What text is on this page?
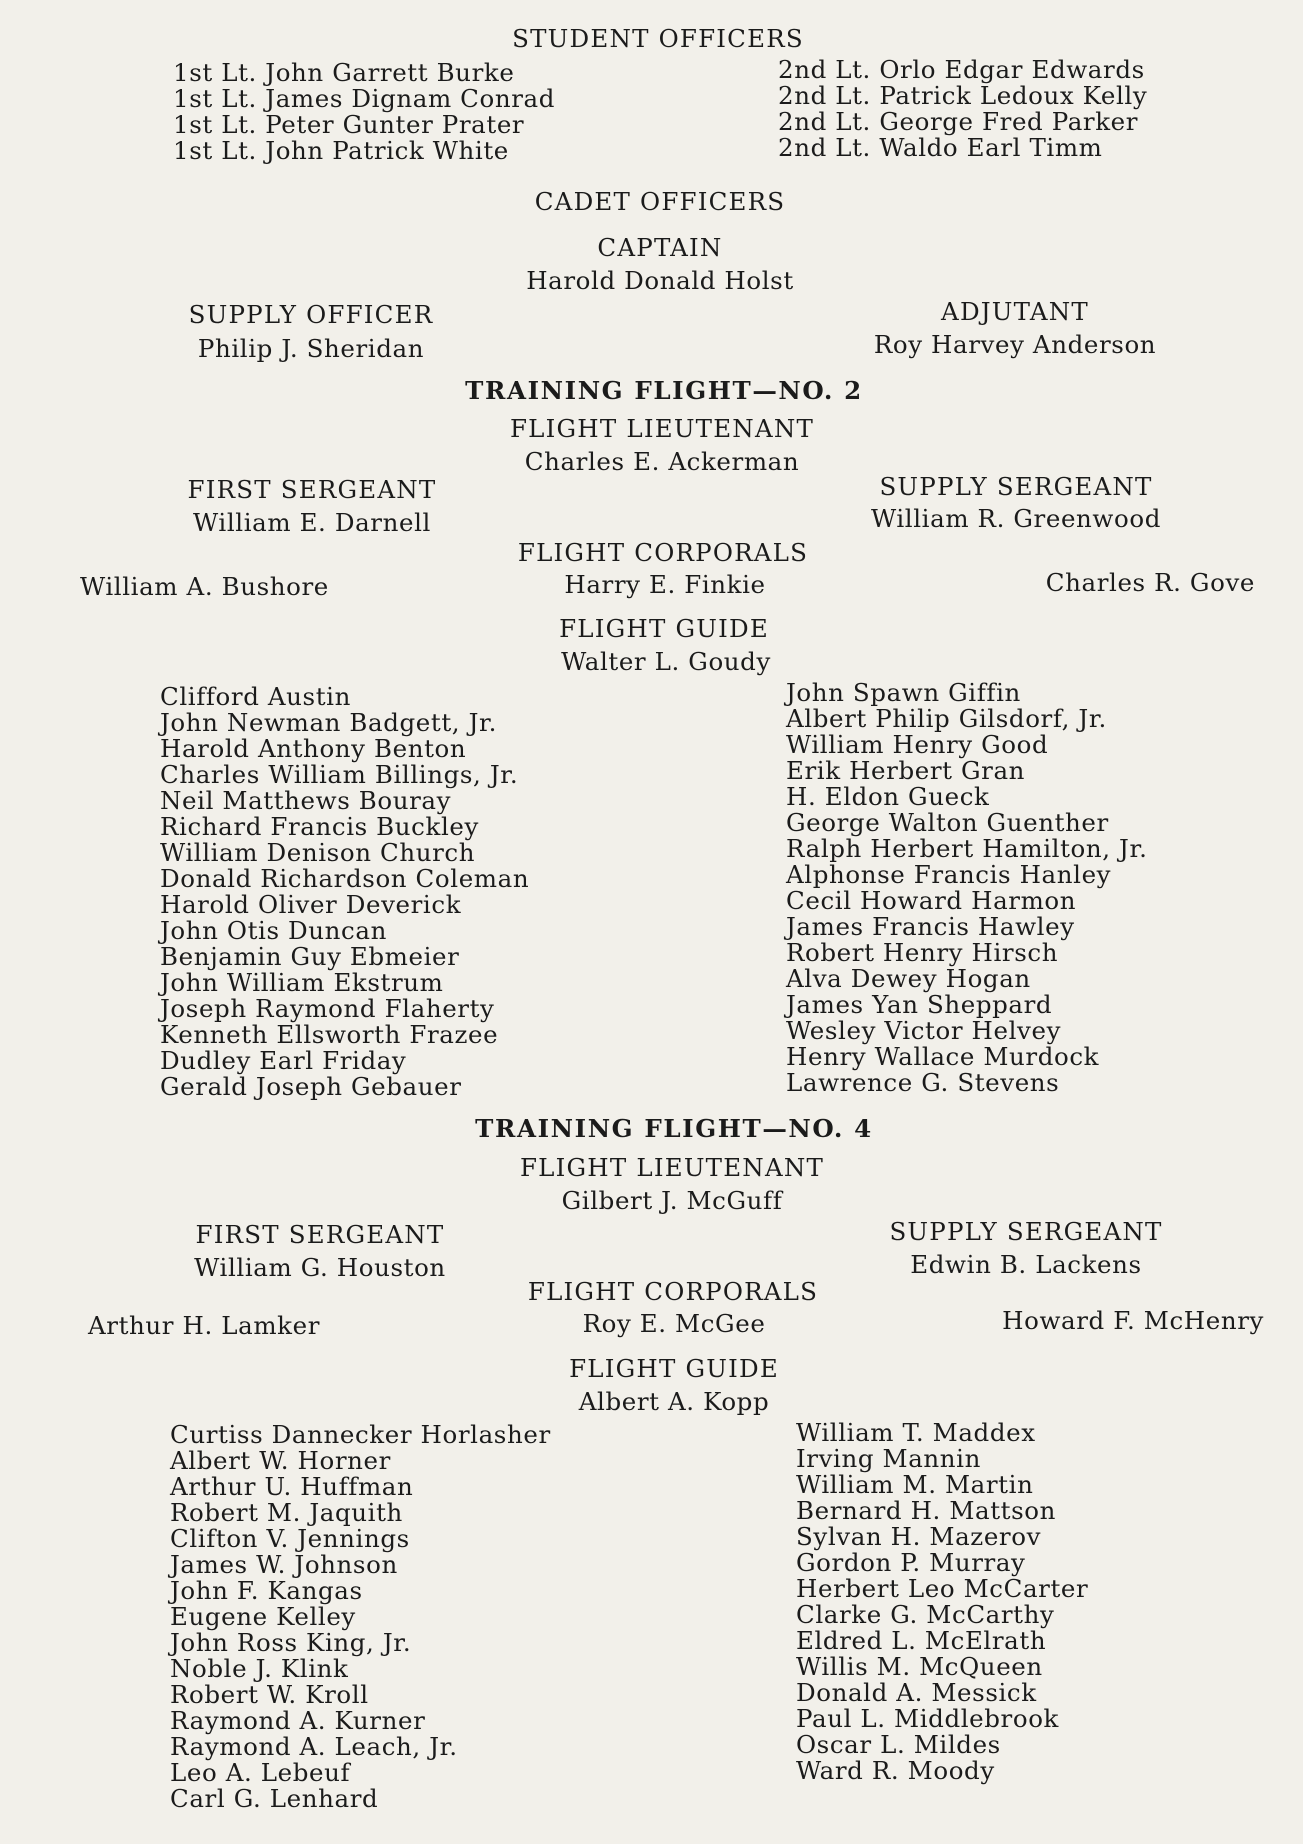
STUDENT OFFICERS
1st Lt. John Garrett Burke
1st Lt. James Dignam Conrad
1st Lt. Peter Gunter Prater
1st Lt. John Patrick White
2nd Lt. Orlo Edgar Edwards
2nd Lt. Patrick Ledoux Kelly
2nd Lt. George Fred Parker
2nd Lt. Waldo Earl Timm
CADET OFFICERS
CAPTAIN
Harold Donald Holst
SUPPLY OFFICER
Philip J. Sheridan
ADJUTANT
Roy Harvey Anderson
TRAINING FLIGHT—NO. 2
FLIGHT LIEUTENANT
Charles E. Ackerman
FIRST SERGEANT
William E. Darnell
SUPPLY SERGEANT
William R. Greenwood
FLIGHT CORPORALS
William A. Bushore	Harry E. Finkie	Charles R. Gove
FLIGHT GUIDE
Walter L. Goudy
Clifford Austin
John Newman Badgett, Jr.
Harold Anthony Benton
Charles William Billings, Jr.
Neil Matthews Bouray
Richard Francis Buckley
William Denison Church
Donald Richardson Coleman
Harold Oliver Deverick
John Otis Duncan
Benjamin Guy Ebmeier
John William Ekstrum
Joseph Raymond Flaherty
Kenneth Ellsworth Frazee
Dudley Earl Friday
Gerald Joseph Gebauer
John Spawn Giffin
Albert Philip Gilsdorf, Jr.
William Henry Good
Erik Herbert Gran
H. Eldon Gueck
George Walton Guenther
Ralph Herbert Hamilton, Jr.
Alphonse Francis Hanley
Cecil Howard Harmon
James Francis Hawley
Robert Henry Hirsch
Alva Dewey Hogan
James Yan Sheppard
Wesley Victor Helvey
Henry Wallace Murdock
Lawrence G. Stevens
TRAINING FLIGHT—NO. 4
FLIGHT LIEUTENANT
Gilbert J. McGuff
FIRST SERGEANT
William G. Houston
SUPPLY SERGEANT
Edwin B. Lackens
FLIGHT CORPORALS
Arthur H. Lamker	Roy E. McGee	Howard F. McHenry
FLIGHT GUIDE
Albert A. Kopp
Curtiss Dannecker Horlasher
Albert W. Horner
Arthur U. Huffman
Robert M. Jaquith
Clifton V. Jennings
James W. Johnson
John F. Kangas
Eugene Kelley
John Ross King, Jr.
Noble J. Klink
Robert W. Kroll
Raymond A. Kurner
Raymond A. Leach, Jr.
Leo A. Lebeuf
Carl G. Lenhard
William T. Maddex
Irving Mannin
William M. Martin
Bernard H. Mattson
Sylvan H. Mazerov
Gordon P. Murray
Herbert Leo McCarter
Clarke G. McCarthy
Eldred L. McElrath
Willis M. McQueen
Donald A. Messick
Paul L. Middlebrook
Oscar L. Mildes
Ward R. Moody
